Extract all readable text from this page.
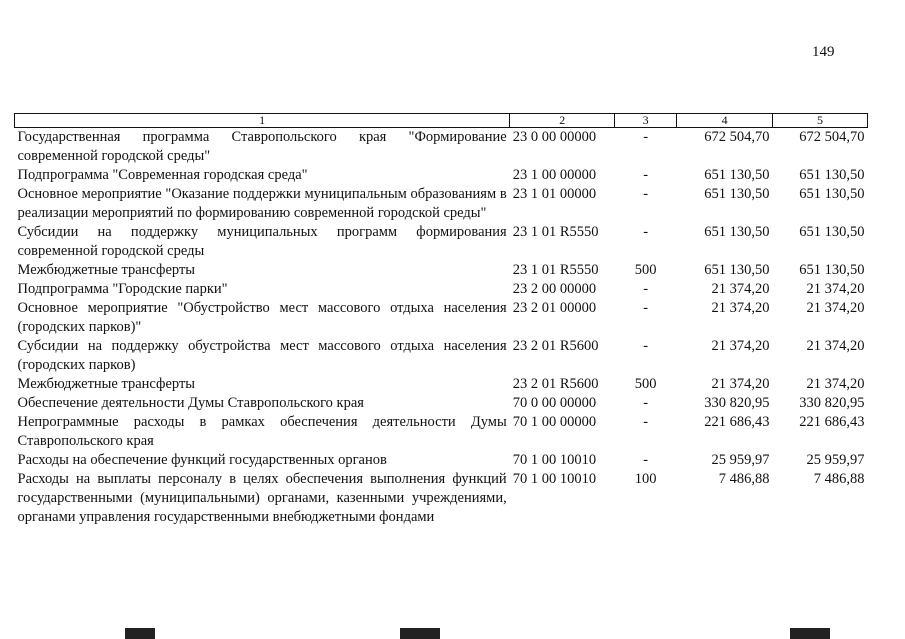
149
1	2	3	4	5
Государственная программа Ставропольского края "Формирование современной городской среды"	23 0 00 00000	-	672 504,70	672 504,70
Подпрограмма "Современная городская среда"	23 1 00 00000	-	651 130,50	651 130,50
Основное мероприятие "Оказание поддержки муниципальным образованиям в реализации мероприятий по формированию современной городской среды"	23 1 01 00000	-	651 130,50	651 130,50
Субсидии на поддержку муниципальных программ формирования современной городской среды	23 1 01 R5550	-	651 130,50	651 130,50
Межбюджетные трансферты	23 1 01 R5550	500	651 130,50	651 130,50
Подпрограмма "Городские парки"	23 2 00 00000	-	21 374,20	21 374,20
Основное мероприятие "Обустройство мест массового отдыха населения (городских парков)"	23 2 01 00000	-	21 374,20	21 374,20
Субсидии на поддержку обустройства мест массового отдыха населения (городских парков)	23 2 01 R5600	-	21 374,20	21 374,20
Межбюджетные трансферты	23 2 01 R5600	500	21 374,20	21 374,20
Обеспечение деятельности Думы Ставропольского края	70 0 00 00000	-	330 820,95	330 820,95
Непрограммные расходы в рамках обеспечения деятельности Думы Ставропольского края	70 1 00 00000	-	221 686,43	221 686,43
Расходы на обеспечение функций государственных органов	70 1 00 10010	-	25 959,97	25 959,97
Расходы на выплаты персоналу в целях обеспечения выполнения функций государственными (муниципальными) органами, казенными учреждениями, органами управления государственными внебюджетными фондами	70 1 00 10010	100	7 486,88	7 486,88
